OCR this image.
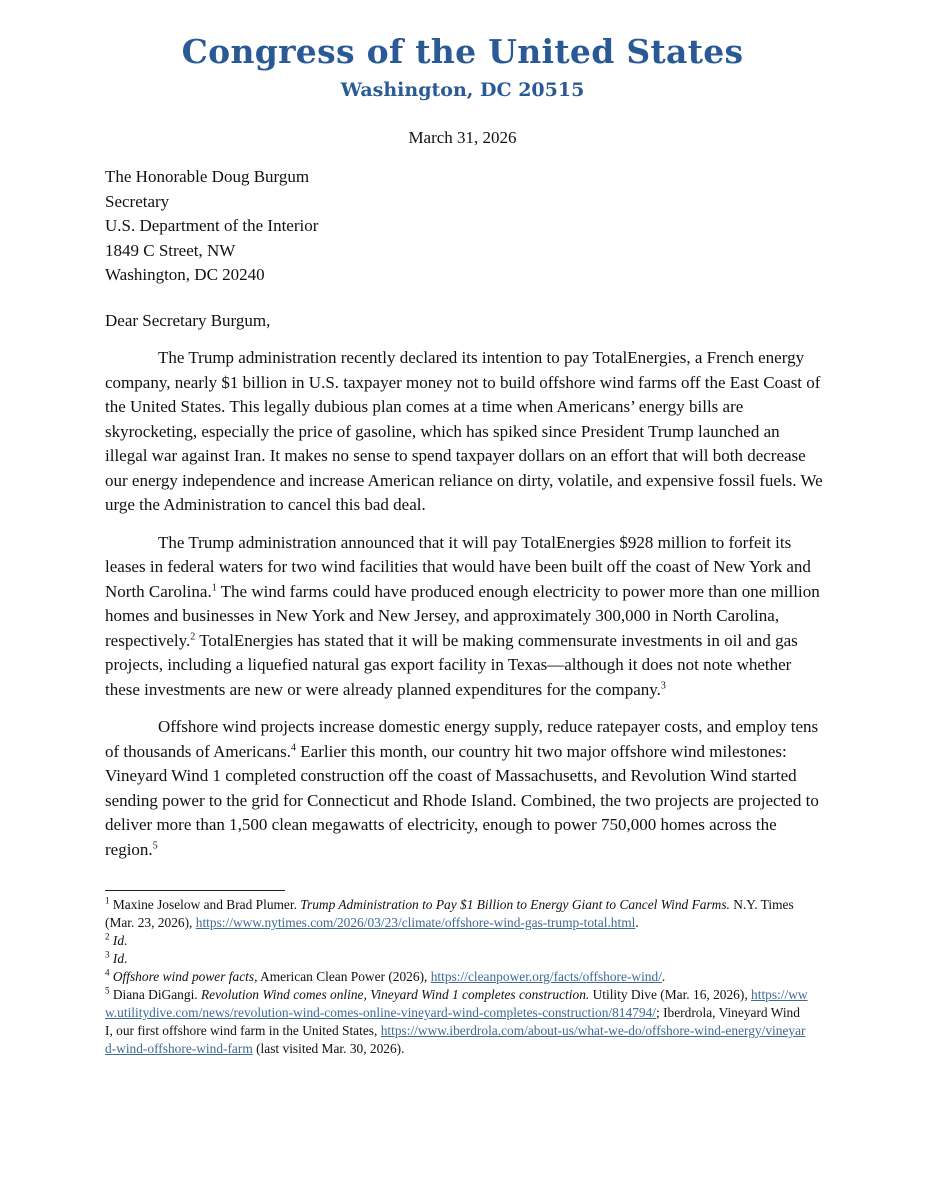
Congress of the United States
Washington, DC 20515
March 31, 2026
The Honorable Doug Burgum
Secretary
U.S. Department of the Interior
1849 C Street, NW
Washington, DC 20240
Dear Secretary Burgum,

The Trump administration recently declared its intention to pay TotalEnergies, a French energy company, nearly $1 billion in U.S. taxpayer money not to build offshore wind farms off the East Coast of the United States. This legally dubious plan comes at a time when Americans’ energy bills are skyrocketing, especially the price of gasoline, which has spiked since President Trump launched an illegal war against Iran. It makes no sense to spend taxpayer dollars on an effort that will both decrease our energy independence and increase American reliance on dirty, volatile, and expensive fossil fuels. We urge the Administration to cancel this bad deal.

The Trump administration announced that it will pay TotalEnergies $928 million to forfeit its leases in federal waters for two wind facilities that would have been built off the coast of New York and North Carolina.$^1$ The wind farms could have produced enough electricity to power more than one million homes and businesses in New York and New Jersey, and approximately 300,000 in North Carolina, respectively.$^2$ TotalEnergies has stated that it will be making commensurate investments in oil and gas projects, including a liquefied natural gas export facility in Texas—although it does not note whether these investments are new or were already planned expenditures for the company.$^3$

Offshore wind projects increase domestic energy supply, reduce ratepayer costs, and employ tens of thousands of Americans.$^4$ Earlier this month, our country hit two major offshore wind milestones: Vineyard Wind 1 completed construction off the coast of Massachusetts, and Revolution Wind started sending power to the grid for Connecticut and Rhode Island. Combined, the two projects are projected to deliver more than 1,500 clean megawatts of electricity, enough to power 750,000 homes across the region.$^5$

$^1$ Maxine Joselow and Brad Plumer. Trump Administration to Pay $1 Billion to Energy Giant to Cancel Wind Farms. N.Y. Times (Mar. 23, 2026), https://www.nytimes.com/2026/03/23/climate/offshore-wind-gas-trump-total.html.

$^2$ Id.

$^3$ Id.

$^4$ Offshore wind power facts, American Clean Power (2026), https://cleanpower.org/facts/offshore-wind/.

$^5$ Diana DiGangi. Revolution Wind comes online, Vineyard Wind 1 completes construction. Utility Dive (Mar. 16, 2026), https://www.utilitydive.com/news/revolution-wind-comes-online-vineyard-wind-completes-construction/814794/; Iberdrola, Vineyard Wind I, our first offshore wind farm in the United States, https://www.iberdrola.com/about-us/what-we-do/offshore-wind-energy/vineyard-wind-offshore-wind-farm (last visited Mar. 30, 2026).
